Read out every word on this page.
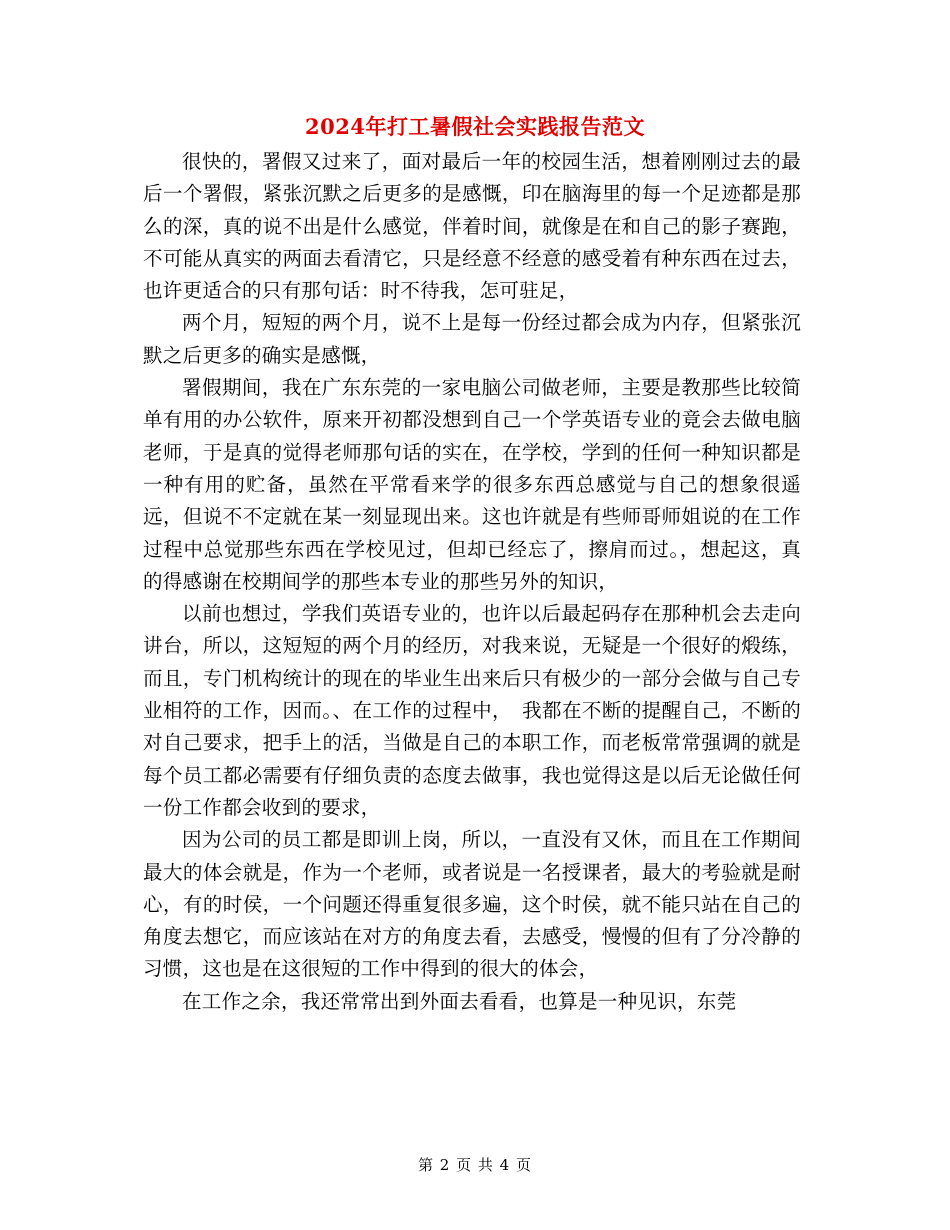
2024年打工暑假社会实践报告范文

很快的，署假又过来了，面对最后一年的校园生活，想着刚刚过去的最后一个署假，紧张沉默之后更多的是感慨，印在脑海里的每一个足迹都是那么的深，真的说不出是什么感觉，伴着时间，就像是在和自己的影子赛跑，不可能从真实的两面去看清它，只是经意不经意的感受着有种东西在过去，也许更适合的只有那句话：时不待我，怎可驻足，

两个月，短短的两个月，说不上是每一份经过都会成为内存，但紧张沉默之后更多的确实是感慨，

署假期间，我在广东东莞的一家电脑公司做老师，主要是教那些比较简单有用的办公软件，原来开初都没想到自己一个学英语专业的竟会去做电脑老师，于是真的觉得老师那句话的实在，在学校，学到的任何一种知识都是一种有用的贮备，虽然在平常看来学的很多东西总感觉与自己的想象很遥远，但说不不定就在某一刻显现出来。这也许就是有些师哥师姐说的在工作过程中总觉那些东西在学校见过，但却已经忘了，擦肩而过。，想起这，真的得感谢在校期间学的那些本专业的那些另外的知识，

以前也想过，学我们英语专业的，也许以后最起码存在那种机会去走向讲台，所以，这短短的两个月的经历，对我来说，无疑是一个很好的煅练，而且，专门机构统计的现在的毕业生出来后只有极少的一部分会做与自己专业相符的工作，因而。、在工作的过程中，　我都在不断的提醒自己，不断的对自己要求，把手上的活，当做是自己的本职工作，而老板常常强调的就是每个员工都必需要有仔细负责的态度去做事，我也觉得这是以后无论做任何一份工作都会收到的要求，

因为公司的员工都是即训上岗，所以，一直没有又休，而且在工作期间最大的体会就是，作为一个老师，或者说是一名授课者，最大的考验就是耐心，有的时侯，一个问题还得重复很多遍，这个时侯，就不能只站在自己的角度去想它，而应该站在对方的角度去看，去感受，慢慢的但有了分冷静的习惯，这也是在这很短的工作中得到的很大的体会，

在工作之余，我还常常出到外面去看看，也算是一种见识，东莞

第 2 页 共 4 页
